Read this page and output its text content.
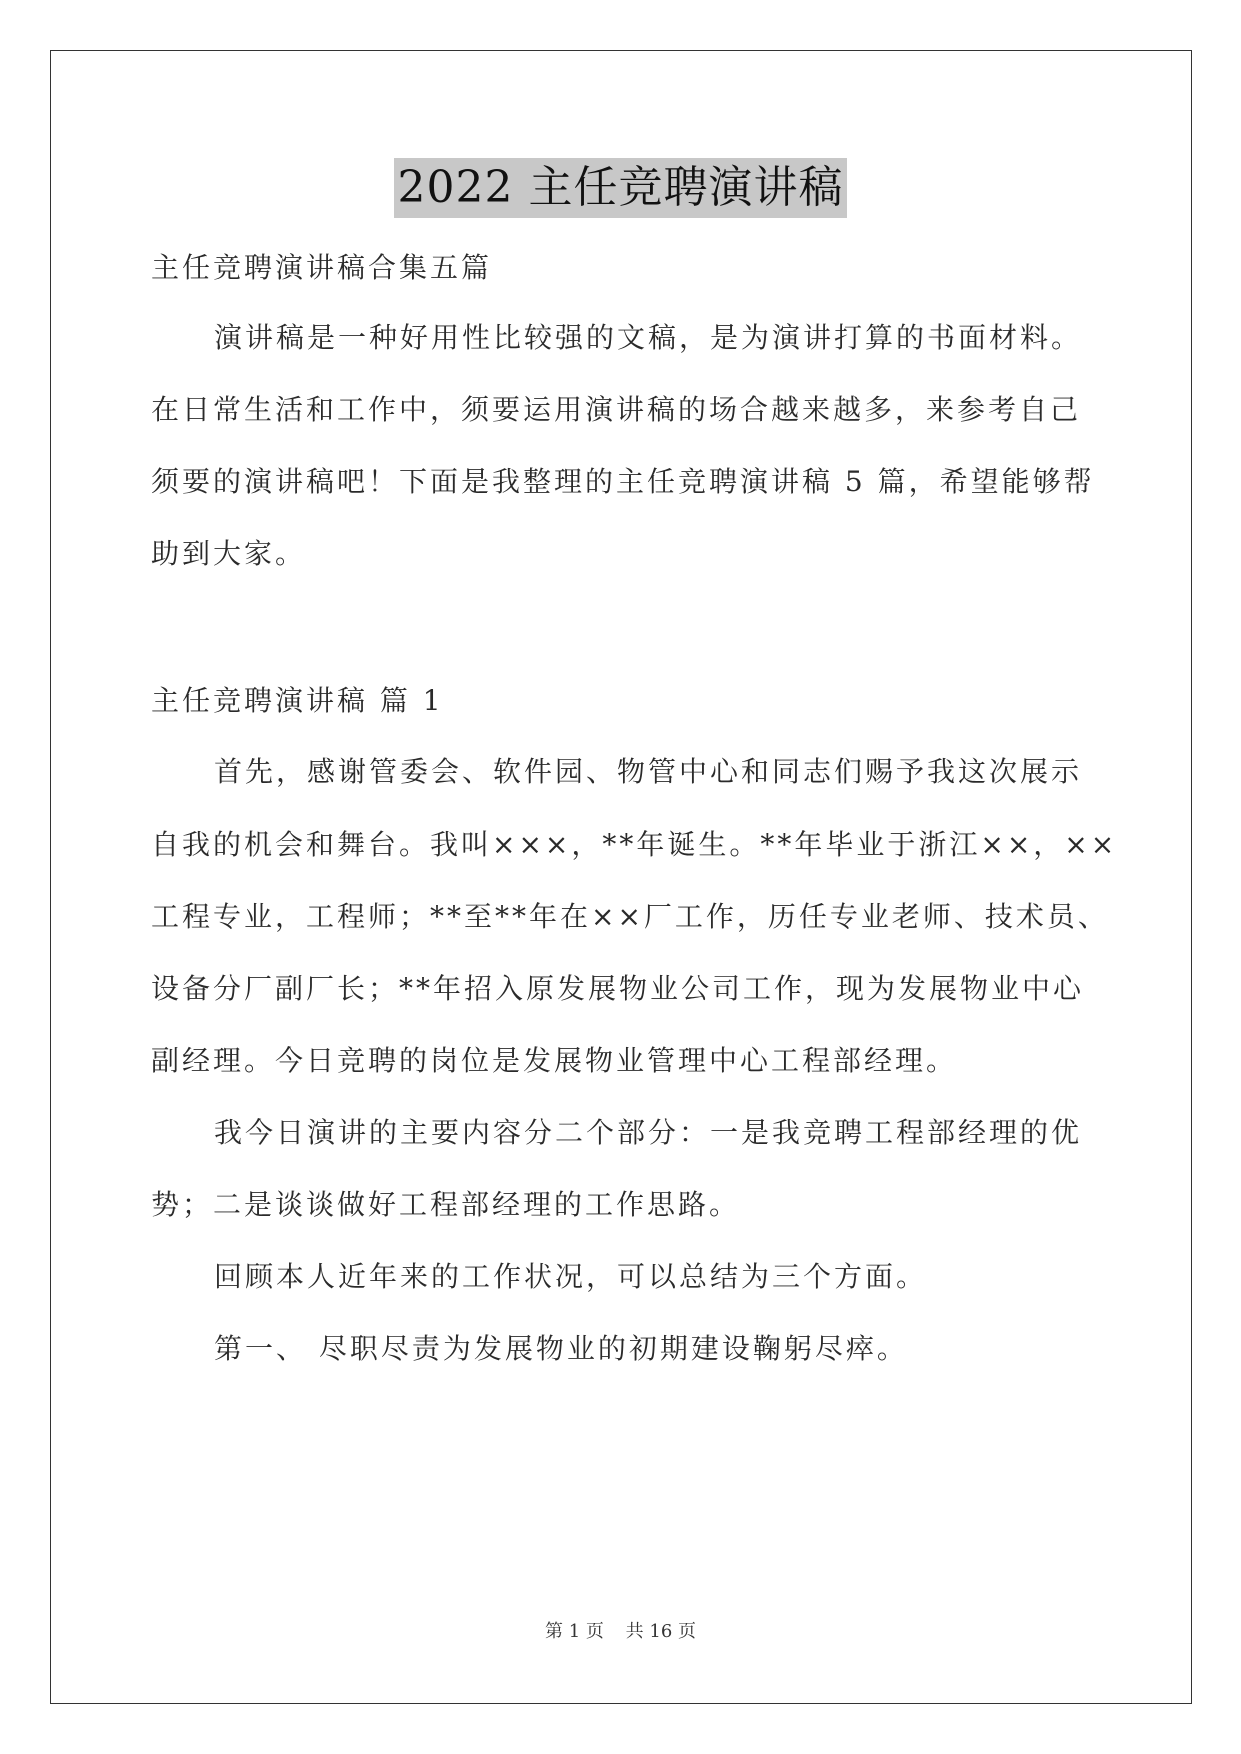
2022 主任竞聘演讲稿
主任竞聘演讲稿合集五篇
演讲稿是一种好用性比较强的文稿，是为演讲打算的书面材料。
在日常生活和工作中，须要运用演讲稿的场合越来越多，来参考自己
须要的演讲稿吧！下面是我整理的主任竞聘演讲稿 5 篇，希望能够帮
助到大家。
主任竞聘演讲稿 篇 1
首先，感谢管委会、软件园、物管中心和同志们赐予我这次展示
自我的机会和舞台。我叫×××，**年诞生。**年毕业于浙江××，××
工程专业，工程师；**至**年在××厂工作，历任专业老师、技术员、
设备分厂副厂长；**年招入原发展物业公司工作，现为发展物业中心
副经理。今日竞聘的岗位是发展物业管理中心工程部经理。
我今日演讲的主要内容分二个部分：一是我竞聘工程部经理的优
势；二是谈谈做好工程部经理的工作思路。
回顾本人近年来的工作状况，可以总结为三个方面。
第一、 尽职尽责为发展物业的初期建设鞠躬尽瘁。
第 1 页 共 16 页
